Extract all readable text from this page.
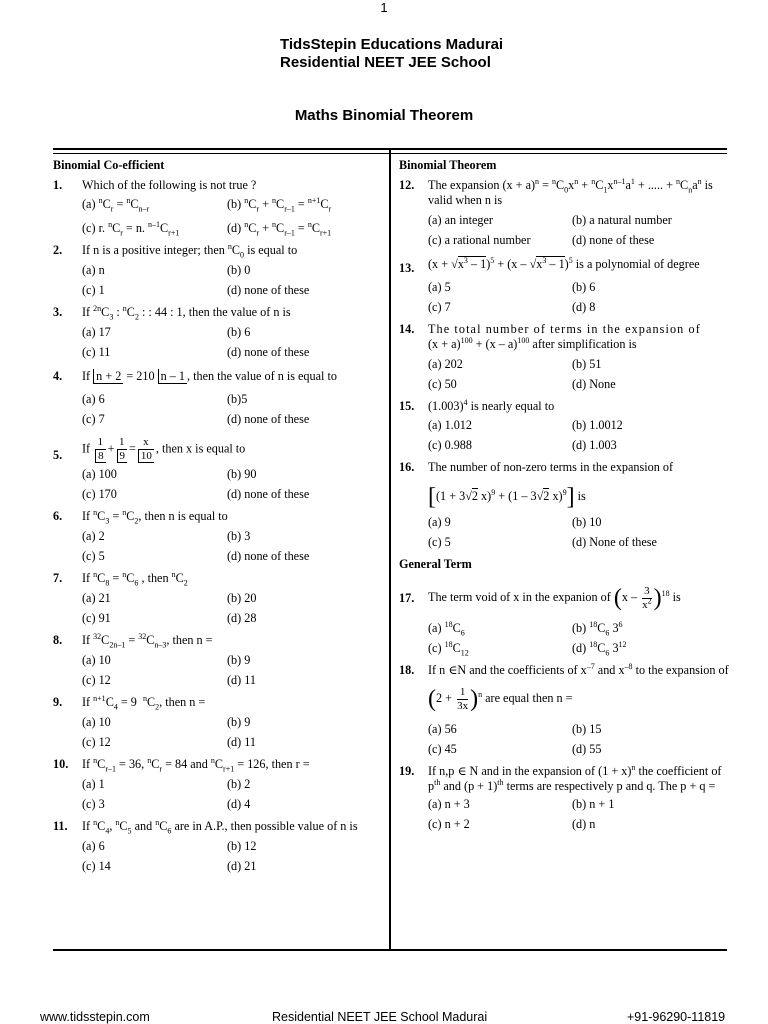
1
TidsStepin Educations Madurai
Residential NEET JEE School
Maths Binomial Theorem
Binomial Co-efficient
1. Which of the following is not true ?
(a) $^nC_r = ^nC_{n-r}$	(b) $^nC_r + ^nC_{r-1} = ^{n+1}C_r$
(c) r. $^nC_r = n$. $^{n-1}C_{r+1}$	(d) $^nC_r + ^nC_{r-1} = ^nC_{r+1}$
2. If n is a positive integer; then $^nC_0$ is equal to
(a) n	(b) 0
(c) 1	(d) none of these
3. If $^{2n}C_3$ : $^nC_2$ : : 44 : 1, then the value of n is
(a) 17	(b) 6
(c) 11	(d) none of these
4. If n + 2 = 210 n – 1 , then the value of n is equal to
(a) 6	(b)5
(c) 7	(d) none of these
5. If $\frac{1}{8} + \frac{1}{9} = \frac{x}{10}$ , then x is equal to
(a) 100	(b) 90
(c) 170	(d) none of these
6. If $^nC_3 = ^nC_2$, then n is equal to
(a) 2	(b) 3
(c) 5	(d) none of these
7. If $^nC_8 = ^nC_6$ , then $^nC_2$
(a) 21	(b) 20
(c) 91	(d) 28
8. If $^{32}C_{2n-1} = ^{32}C_{n-3}$, then n =
(a) 10	(b) 9
(c) 12	(d) 11
9. If $^{n+1}C_4 = 9$  $^nC_2$, then n =
(a) 10	(b) 9
(c) 12	(d) 11
10. If $^nC_{r-1} = 36$, $^nC_r = 84$ and $^nC_{r+1} = 126$, then r =
(a) 1	(b) 2
(c) 3	(d) 4
11. If $^nC_4$, $^nC_5$ and $^nC_6$ are in A.P., then possible value of n is
(a) 6	(b) 12
(c) 14	(d) 21
Binomial Theorem
12. The expansion $(x + a)^n = ^nC_0x^n + ^nC_1x^{n-1}a^1$ + ..... + $^nC_na^n$ is valid when n is
(a) an integer	(b) a natural number
(c) a rational number	(d) none of these
13. $(x + √x^3 - 1)^5 + (x - √x^3 - 1)^5$ is a polynomial of degree
(a) 5	(b) 6
(c) 7	(d) 8
14. The total number of terms in the expansion of
$(x + a)^{100} + (x - a)^{100}$ after simplification is
(a) 202	(b) 51
(c) 50	(d) None
15. $(1.003)^4$ is nearly equal to
(a) 1.012	(b) 1.0012
(c) 0.988	(d) 1.003
16. The number of non-zero terms in the expansion of
[(1 + 3√2 x)$^9$ + (1 – 3√2 x)$^9$] is
(a) 9	(b) 10
(c) 5	(d) None of these
General Term
17. The term void of x in the expanion of $(x - \frac{3}{x^2} )^{18}$ is
(a) $^{18}C_6$	(b) $^{18}C_6$ $3^6$
(c) $^{18}C_{12}$	(d) $^{18}C_6$ $3^{12}$
18. If n ∈N and the coefficients of $x^{-7}$ and $x^{-8}$ to the expansion of
$(2 + \frac{1}{3x} )^n$ are equal then n =
(a) 56	(b) 15
(c) 45	(d) 55
19. If n,p ∈ N and in the expansion of $(1 + x)^n$ the coefficient of
$p^{th}$ and $(p + 1)^{th}$ terms are respectively p and q. The p + q =
(a) n + 3	(b) n + 1
(c) n + 2	(d) n
www.tidsstepin.com	Residential NEET JEE School Madurai	+91-96290-11819
